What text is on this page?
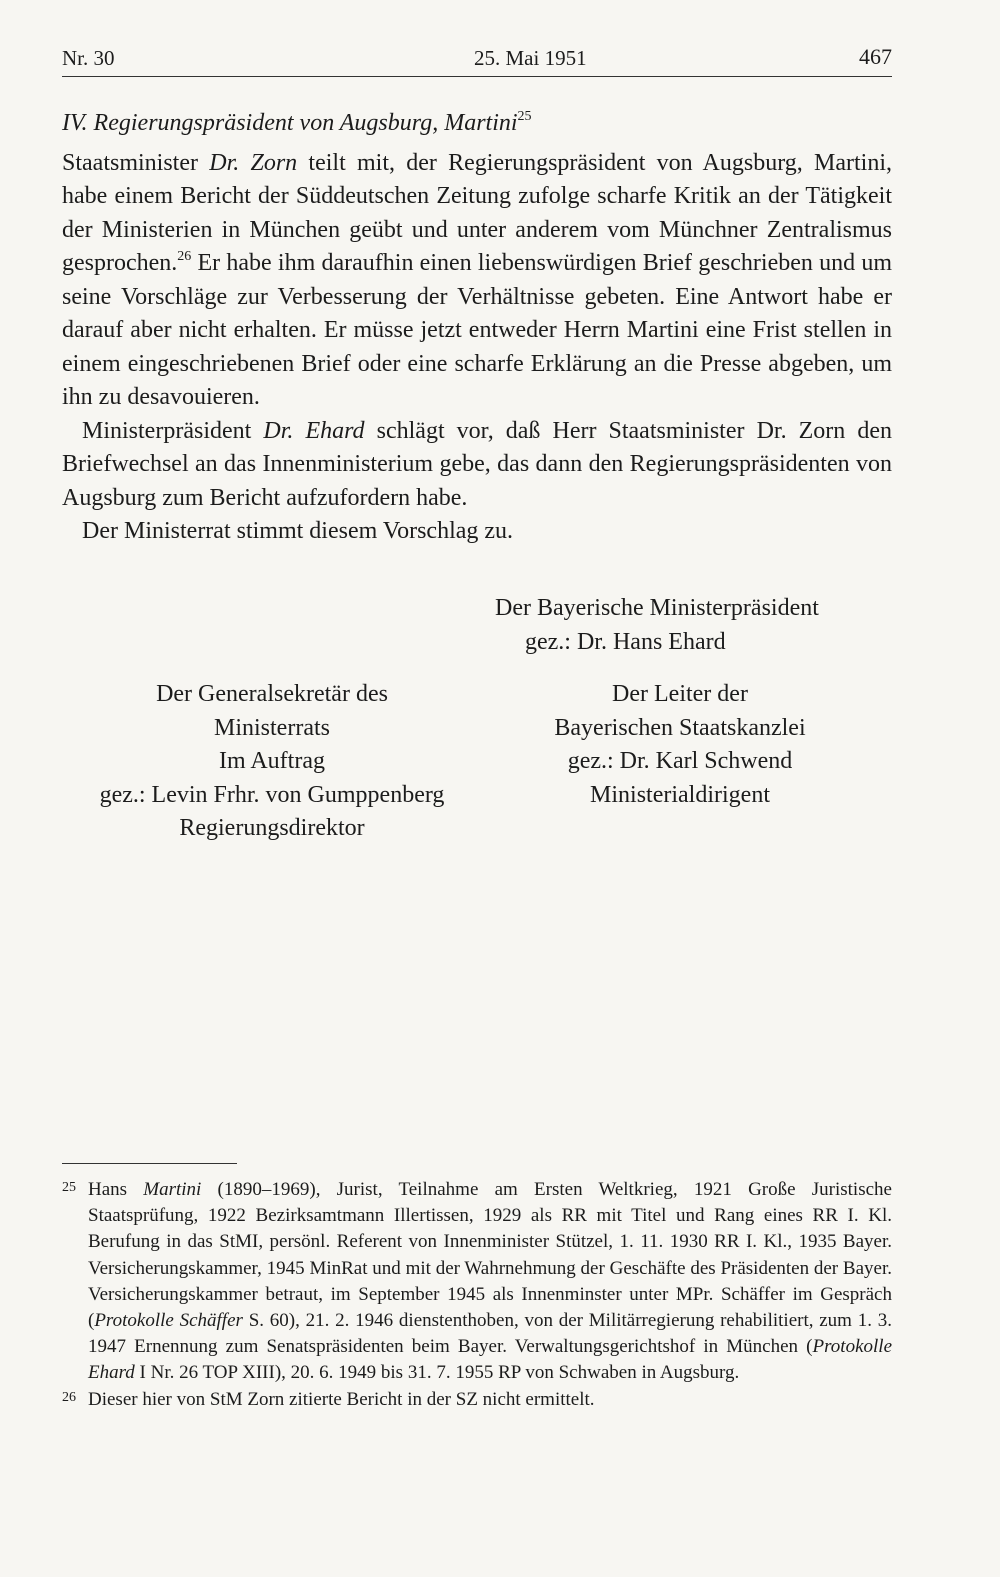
Nr. 30	25. Mai 1951	467

IV. Regierungspräsident von Augsburg, Martini$^{25}$

Staatsminister Dr. Zorn teilt mit, der Regierungspräsident von Augsburg, Martini, habe einem Bericht der Süddeutschen Zeitung zufolge scharfe Kritik an der Tätigkeit der Ministerien in München geübt und unter anderem vom Münchner Zentralismus gesprochen.$^{26}$ Er habe ihm daraufhin einen liebenswürdigen Brief geschrieben und um seine Vorschläge zur Verbesserung der Verhältnisse gebeten. Eine Antwort habe er darauf aber nicht erhalten. Er müsse jetzt entweder Herrn Martini eine Frist stellen in einem eingeschriebenen Brief oder eine scharfe Erklärung an die Presse abgeben, um ihn zu desavouieren.

Ministerpräsident Dr. Ehard schlägt vor, daß Herr Staatsminister Dr. Zorn den Briefwechsel an das Innenministerium gebe, das dann den Regierungspräsidenten von Augsburg zum Bericht aufzufordern habe.

Der Ministerrat stimmt diesem Vorschlag zu.

Der Bayerische Ministerpräsident
gez.: Dr. Hans Ehard
Der Generalsekretär des
Ministerrats
Im Auftrag
gez.: Levin Frhr. von Gumppenberg
Regierungsdirektor
Der Leiter der
Bayerischen Staatskanzlei
gez.: Dr. Karl Schwend
Ministerialdirigent

25 Hans Martini (1890–1969), Jurist, Teilnahme am Ersten Weltkrieg, 1921 Große Juristische Staatsprüfung, 1922 Bezirksamtmann Illertissen, 1929 als RR mit Titel und Rang eines RR I. Kl. Berufung in das StMI, persönl. Referent von Innenminister Stützel, 1. 11. 1930 RR I. Kl., 1935 Bayer. Versicherungskammer, 1945 MinRat und mit der Wahrnehmung der Geschäfte des Präsidenten der Bayer. Versicherungskammer betraut, im September 1945 als Innenminster unter MPr. Schäffer im Gespräch (Protokolle Schäffer S. 60), 21. 2. 1946 dienstenthoben, von der Militärregierung rehabilitiert, zum 1. 3. 1947 Ernennung zum Senatspräsidenten beim Bayer. Verwaltungsgerichtshof in München (Protokolle Ehard I Nr. 26 TOP XIII), 20. 6. 1949 bis 31. 7. 1955 RP von Schwaben in Augsburg.

26 Dieser hier von StM Zorn zitierte Bericht in der SZ nicht ermittelt.
